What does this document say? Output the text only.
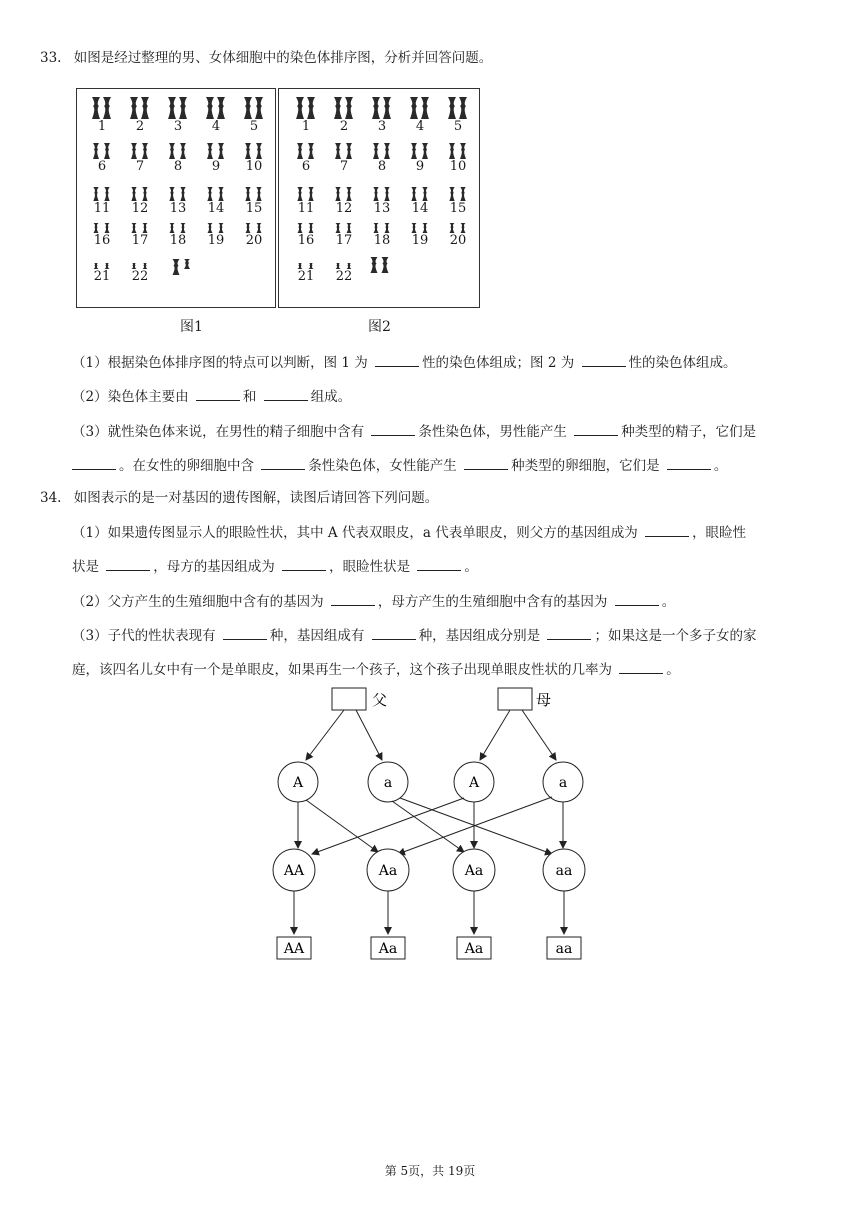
33. 如图是经过整理的男、女体细胞中的染色体排序图，分析并回答问题。
1	2	3	4	5
6	7	8	9	10
11	12	13	14	15
16	17	18	19	20
21	22
1	2	3	4	5
6	7	8	9	10
11	12	13	14	15
16	17	18	19	20
21	22
图1	图2
（1）根据染色体排序图的特点可以判断，图 1 为	性的染色体组成；图 2 为	性的染色体组成。
（2）染色体主要由	和	组成。
（3）就性染色体来说，在男性的精子细胞中含有	条性染色体，男性能产生	种类型的精子，它们是
。在女性的卵细胞中含	条性染色体，女性能产生	种类型的卵细胞，它们是	。
34. 如图表示的是一对基因的遗传图解，读图后请回答下列问题。
（1）如果遗传图显示人的眼睑性状，其中 A 代表双眼皮，a 代表单眼皮，则父方的基因组成为	，眼睑性
状是	，母方的基因组成为	，眼睑性状是	。
（2）父方产生的生殖细胞中含有的基因为	，母方产生的生殖细胞中含有的基因为	。
（3）子代的性状表现有	种，基因组成有	种，基因组成分别是	；如果这是一个多子女的家
庭，该四名儿女中有一个是单眼皮，如果再生一个孩子，这个孩子出现单眼皮性状的几率为	。
父	母
A	a	A	a
AA	Aa	Aa	aa
AA	Aa	Aa	aa
第 5页，共 19页
